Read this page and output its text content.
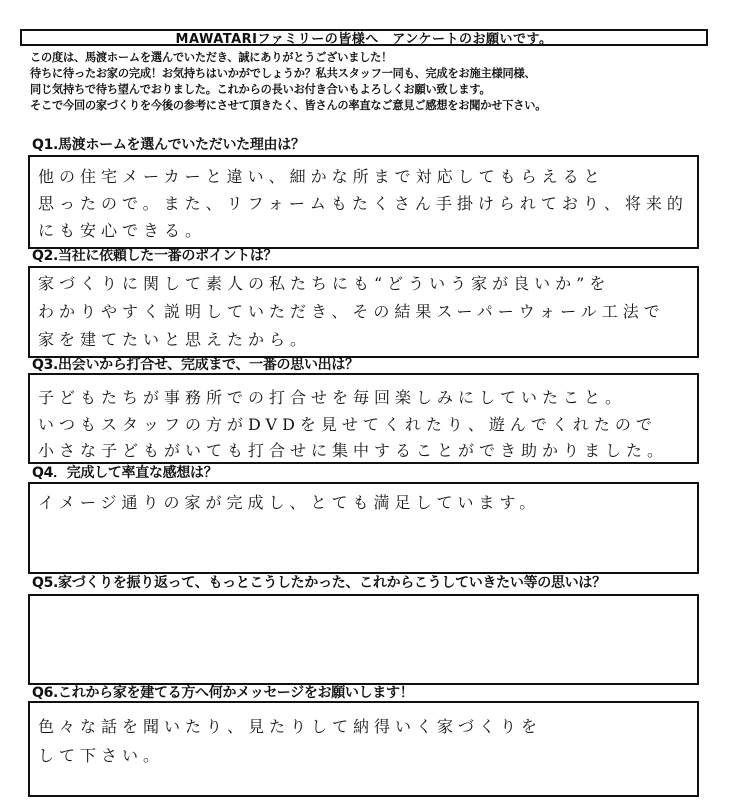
MAWATARIファミリーの皆様へ　アンケートのお願いです。
この度は、馬渡ホームを選んでいただき、誠にありがとうございました！
待ちに待ったお家の完成！お気持ちはいかがでしょうか？私共スタッフ一同も、完成をお施主様同様、
同じ気持ちで待ち望んでおりました。これからの長いお付き合いもよろしくお願い致します。
そこで今回の家づくりを今後の参考にさせて頂きたく、皆さんの率直なご意見ご感想をお聞かせ下さい。
Q1.馬渡ホームを選んでいただいた理由は？
他の住宅メーカーと違い、細かな所まで対応してもらえると
思ったので。また、リフォームもたくさん手掛けられており、将来的
にも安心できる。
Q2.当社に依頼した一番のポイントは？
家づくりに関して素人の私たちにも“どういう家が良いか”を
わかりやすく説明していただき、その結果スーパーウォール工法で
家を建てたいと思えたから。
Q3.出会いから打合せ、完成まで、一番の思い出は？
子どもたちが事務所での打合せを毎回楽しみにしていたこと。
いつもスタッフの方がDVDを見せてくれたり、遊んでくれたので
小さな子どもがいても打合せに集中することができ助かりました。
Q4．完成して率直な感想は？
イメージ通りの家が完成し、とても満足しています。
Q5.家づくりを振り返って、もっとこうしたかった、これからこうしていきたい等の思いは？
Q6.これから家を建てる方へ何かメッセージをお願いします！
色々な話を聞いたり、見たりして納得いく家づくりを
して下さい。
